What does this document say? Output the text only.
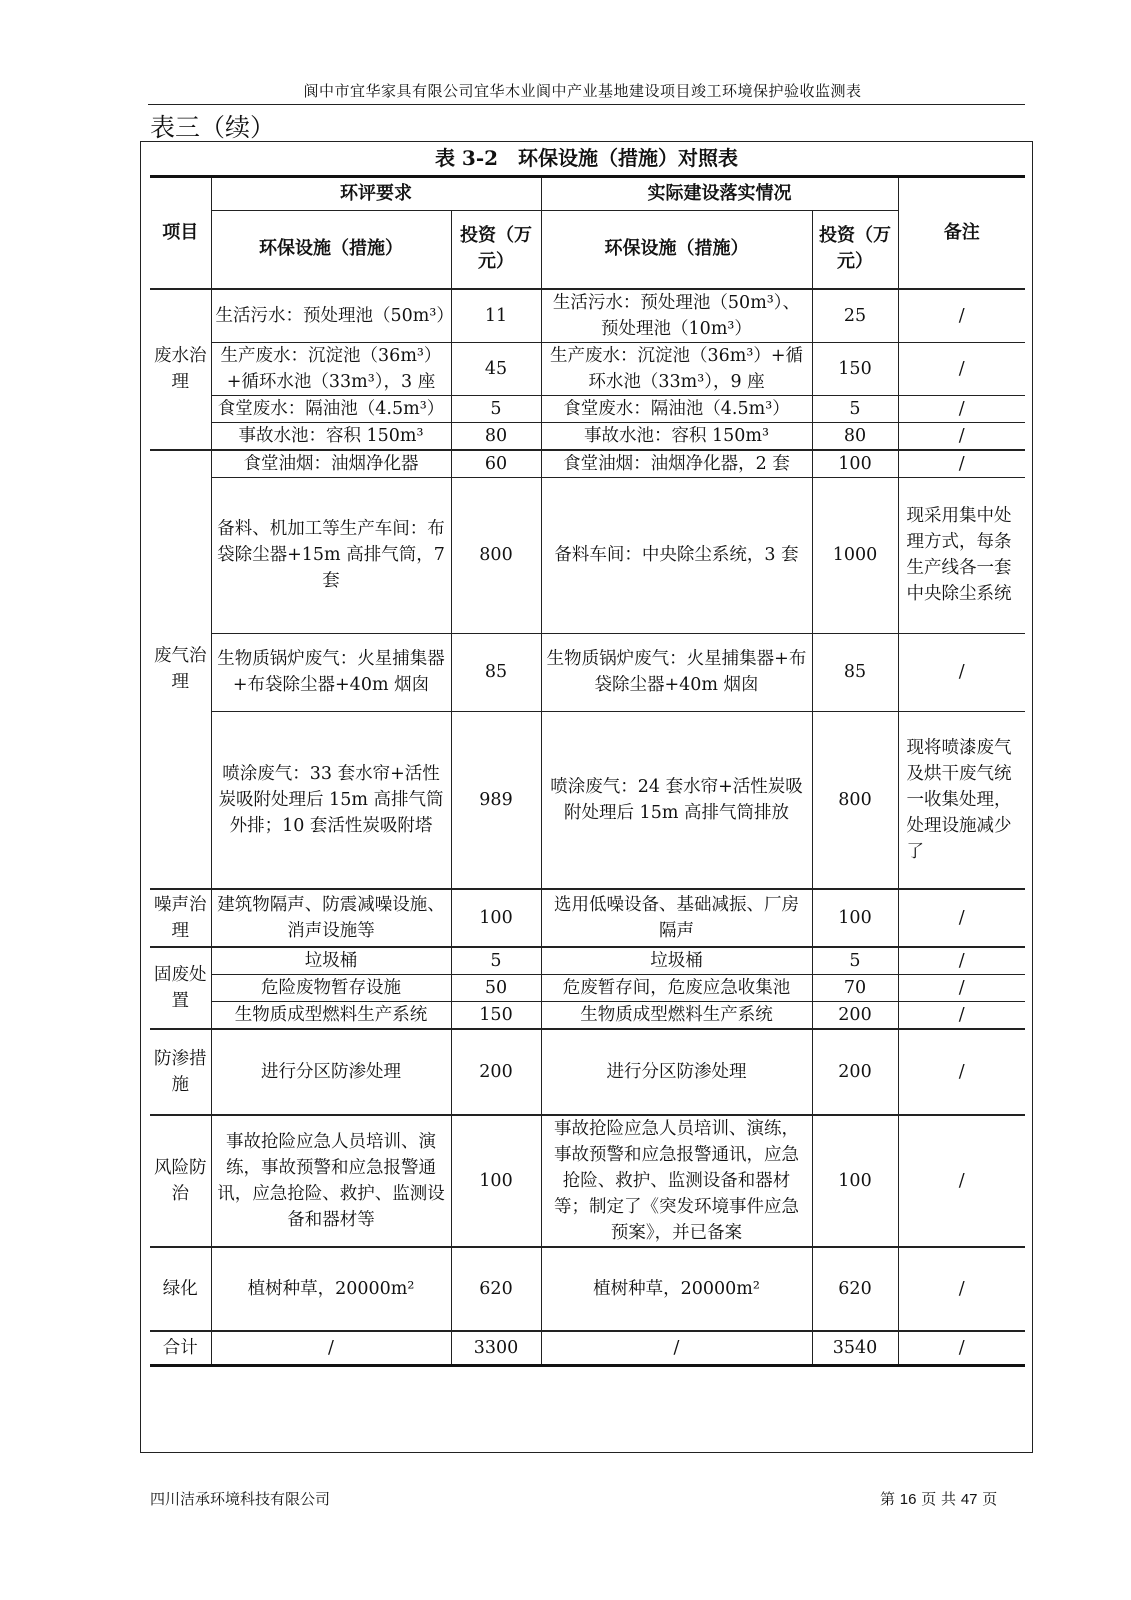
阆中市宜华家具有限公司宜华木业阆中产业基地建设项目竣工环境保护验收监测表
表三（续）
表 3-2　环保设施（措施）对照表
项目	环评要求		实际建设落实情况		备注
	环保设施（措施）	投资（万元）	环保设施（措施）	投资（万元）	
废水治理	生活污水：预处理池（50m³）	11	生活污水：预处理池（50m³）、预处理池（10m³）	25	/
	生产废水：沉淀池（36m³）+循环水池（33m³），3 座	45	生产废水：沉淀池（36m³）+循环水池（33m³），9 座	150	/
	食堂废水：隔油池（4.5m³）	5	食堂废水：隔油池（4.5m³）	5	/
	事故水池：容积 150m³	80	事故水池：容积 150m³	80	/
废气治理	食堂油烟：油烟净化器	60	食堂油烟：油烟净化器，2 套	100	/
	备料、机加工等生产车间：布袋除尘器+15m 高排气筒，7 套	800	备料车间：中央除尘系统，3 套	1000	现采用集中处理方式，每条生产线各一套中央除尘系统
	生物质锅炉废气：火星捕集器+布袋除尘器+40m 烟囱	85	生物质锅炉废气：火星捕集器+布袋除尘器+40m 烟囱	85	/
	喷涂废气：33 套水帘+活性炭吸附处理后 15m 高排气筒外排；10 套活性炭吸附塔	989	喷涂废气：24 套水帘+活性炭吸附处理后 15m 高排气筒排放	800	现将喷漆废气及烘干废气统一收集处理，处理设施减少了
噪声治理	建筑物隔声、防震减噪设施、消声设施等	100	选用低噪设备、基础减振、厂房隔声	100	/
固废处置	垃圾桶	5	垃圾桶	5	/
	危险废物暂存设施	50	危废暂存间，危废应急收集池	70	/
	生物质成型燃料生产系统	150	生物质成型燃料生产系统	200	/
防渗措施	进行分区防渗处理	200	进行分区防渗处理	200	/
风险防治	事故抢险应急人员培训、演练，事故预警和应急报警通讯，应急抢险、救护、监测设备和器材等	100	事故抢险应急人员培训、演练，事故预警和应急报警通讯，应急抢险、救护、监测设备和器材等；制定了《突发环境事件应急预案》，并已备案	100	/
绿化	植树种草，20000m²	620	植树种草，20000m²	620	/
合计	/	3300	/	3540	/
四川洁承环境科技有限公司	第 16 页 共 47 页
